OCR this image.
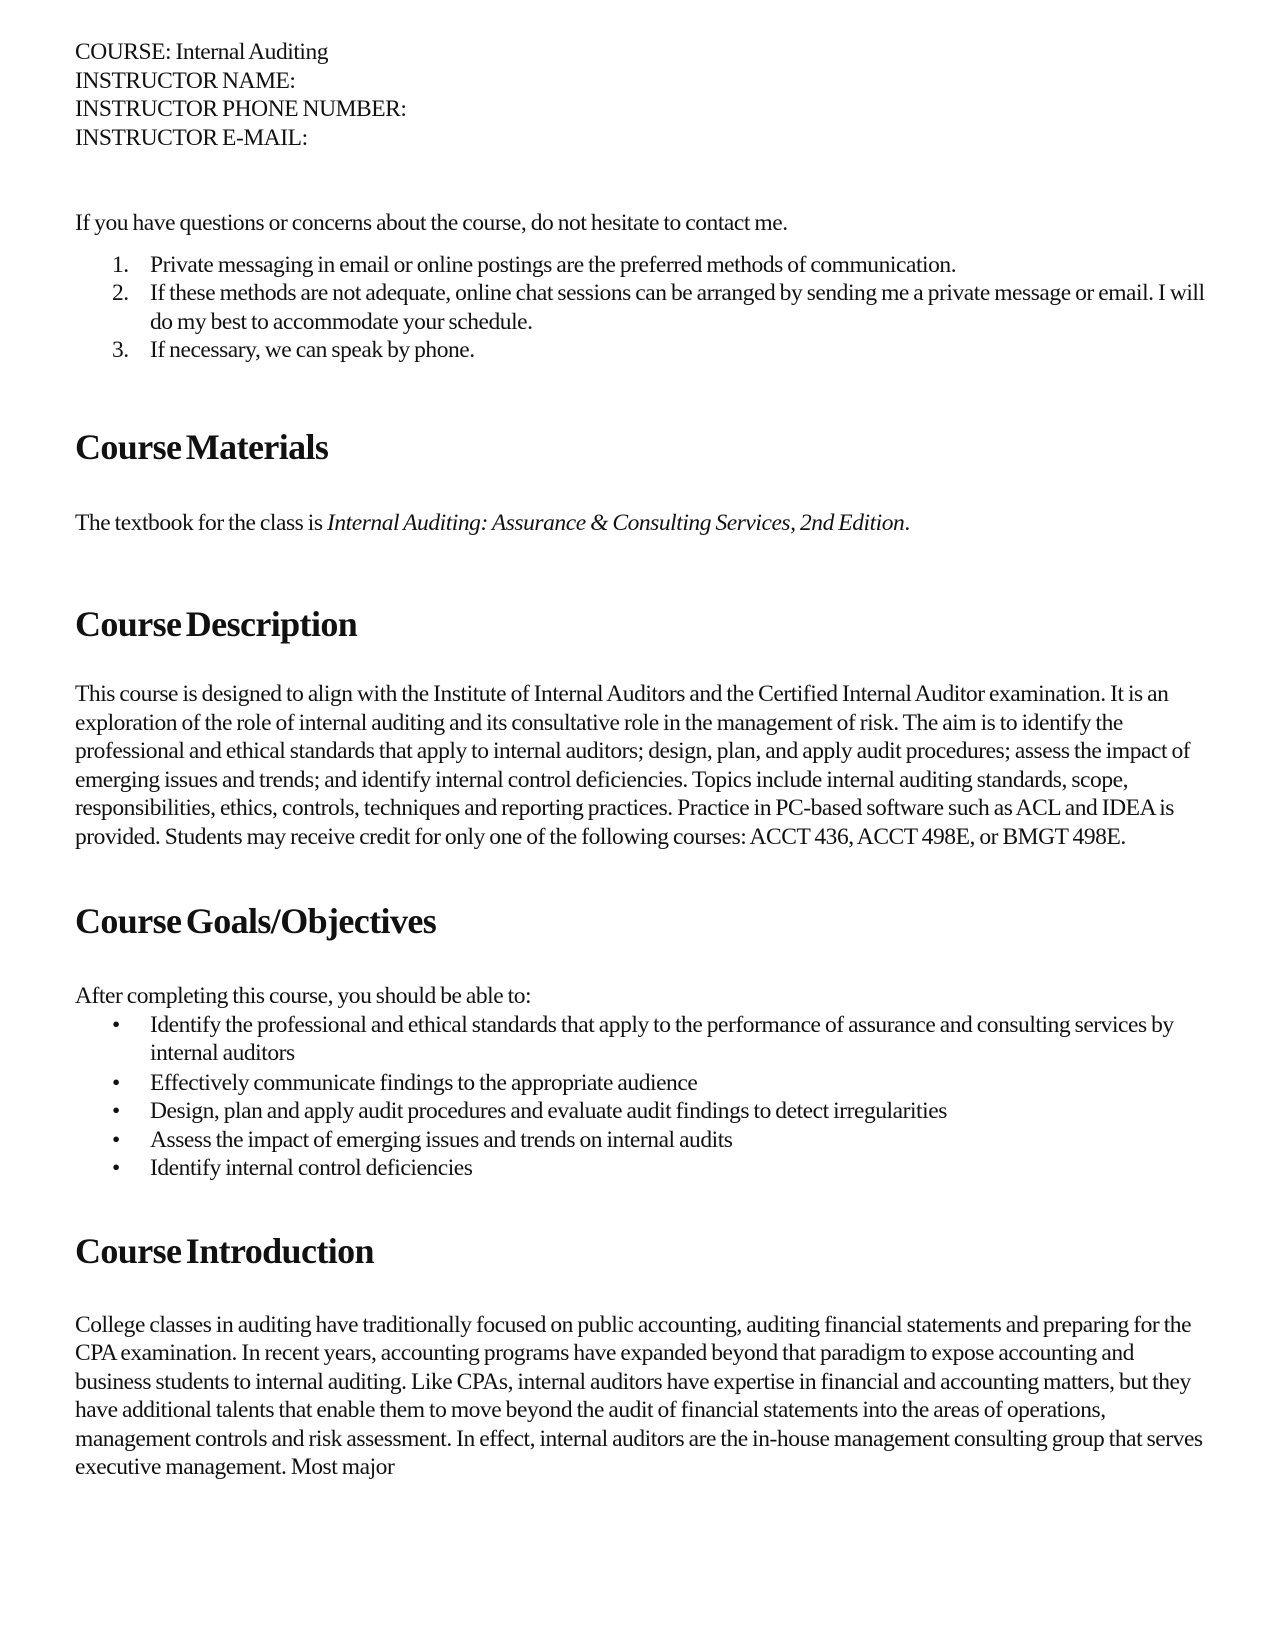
COURSE: Internal Auditing
INSTRUCTOR NAME:
INSTRUCTOR PHONE NUMBER:
INSTRUCTOR E-MAIL:

If you have questions or concerns about the course, do not hesitate to contact me.

1. Private messaging in email or online postings are the preferred methods of communication.
2. If these methods are not adequate, online chat sessions can be arranged by sending me a private message or email. I will do my best to accommodate your schedule.
3. If necessary, we can speak by phone.
Course Materials

The textbook for the class is Internal Auditing: Assurance & Consulting Services, 2nd Edition.

Course Description

This course is designed to align with the Institute of Internal Auditors and the Certified Internal Auditor examination. It is an exploration of the role of internal auditing and its consultative role in the management of risk. The aim is to identify the professional and ethical standards that apply to internal auditors; design, plan, and apply audit procedures; assess the impact of emerging issues and trends; and identify internal control deficiencies. Topics include internal auditing standards, scope, responsibilities, ethics, controls, techniques and reporting practices. Practice in PC-based software such as ACL and IDEA is provided. Students may receive credit for only one of the following courses: ACCT 436, ACCT 498E, or BMGT 498E.

Course Goals/Objectives

After completing this course, you should be able to:

• Identify the professional and ethical standards that apply to the performance of assurance and consulting services by internal auditors
• Effectively communicate findings to the appropriate audience
• Design, plan and apply audit procedures and evaluate audit findings to detect irregularities
• Assess the impact of emerging issues and trends on internal audits
• Identify internal control deficiencies
Course Introduction

College classes in auditing have traditionally focused on public accounting, auditing financial statements and preparing for the CPA examination. In recent years, accounting programs have expanded beyond that paradigm to expose accounting and business students to internal auditing. Like CPAs, internal auditors have expertise in financial and accounting matters, but they have additional talents that enable them to move beyond the audit of financial statements into the areas of operations, management controls and risk assessment. In effect, internal auditors are the in-house management consulting group that serves executive management. Most major
